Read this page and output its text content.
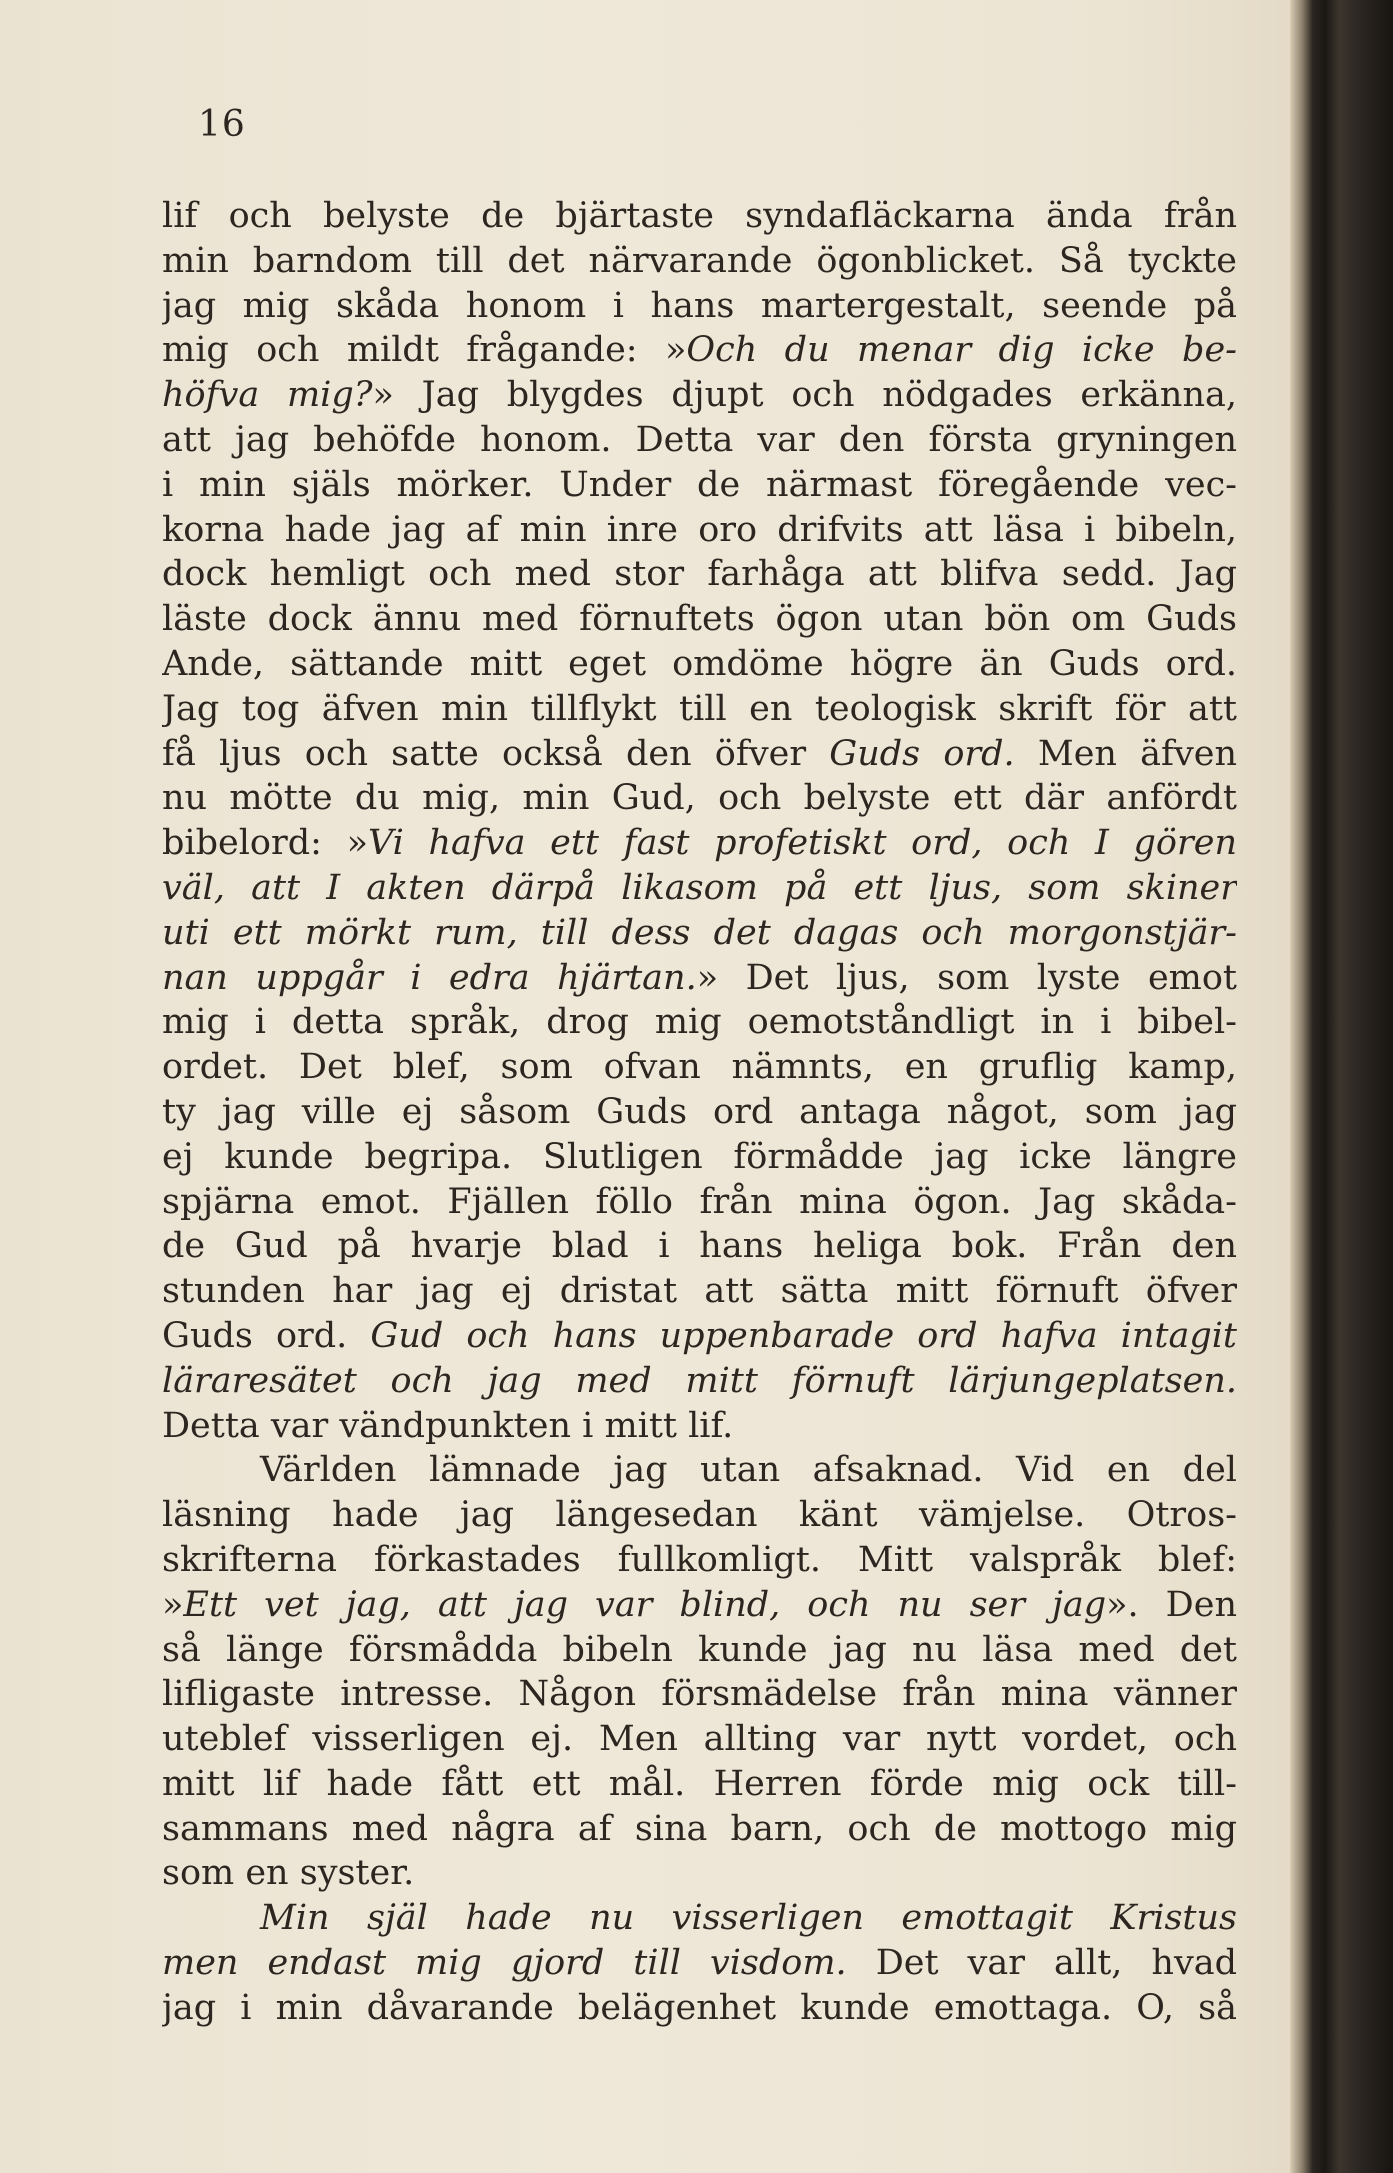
16

lif och belyste de bjärtaste syndafläckarna ända från
min barndom till det närvarande ögonblicket. Så tyckte
jag mig skåda honom i hans martergestalt, seende på
mig och mildt frågande: »Och du menar dig icke be-
höfva mig?» Jag blygdes djupt och nödgades erkänna,
att jag behöfde honom. Detta var den första gryningen
i min själs mörker. Under de närmast föregående vec-
korna hade jag af min inre oro drifvits att läsa i bibeln,
dock hemligt och med stor farhåga att blifva sedd. Jag
läste dock ännu med förnuftets ögon utan bön om Guds
Ande, sättande mitt eget omdöme högre än Guds ord.
Jag tog äfven min tillflykt till en teologisk skrift för att
få ljus och satte också den öfver Guds ord. Men äfven
nu mötte du mig, min Gud, och belyste ett där anfördt
bibelord: »Vi hafva ett fast profetiskt ord, och I gören
väl, att I akten därpå likasom på ett ljus, som skiner
uti ett mörkt rum, till dess det dagas och morgonstjär-
nan uppgår i edra hjärtan.» Det ljus, som lyste emot
mig i detta språk, drog mig oemotståndligt in i bibel-
ordet. Det blef, som ofvan nämnts, en gruflig kamp,
ty jag ville ej såsom Guds ord antaga något, som jag
ej kunde begripa. Slutligen förmådde jag icke längre
spjärna emot. Fjällen föllo från mina ögon. Jag skåda-
de Gud på hvarje blad i hans heliga bok. Från den
stunden har jag ej dristat att sätta mitt förnuft öfver
Guds ord. Gud och hans uppenbarade ord hafva intagit
läraresätet och jag med mitt förnuft lärjungeplatsen.
Detta var vändpunkten i mitt lif.
Världen lämnade jag utan afsaknad. Vid en del
läsning hade jag längesedan känt vämjelse. Otros-
skrifterna förkastades fullkomligt. Mitt valspråk blef:
»Ett vet jag, att jag var blind, och nu ser jag». Den
så länge försmådda bibeln kunde jag nu läsa med det
lifligaste intresse. Någon försmädelse från mina vänner
uteblef visserligen ej. Men allting var nytt vordet, och
mitt lif hade fått ett mål. Herren förde mig ock till-
sammans med några af sina barn, och de mottogo mig
som en syster.
Min själ hade nu visserligen emottagit Kristus
men endast mig gjord till visdom. Det var allt, hvad
jag i min dåvarande belägenhet kunde emottaga. O, så
